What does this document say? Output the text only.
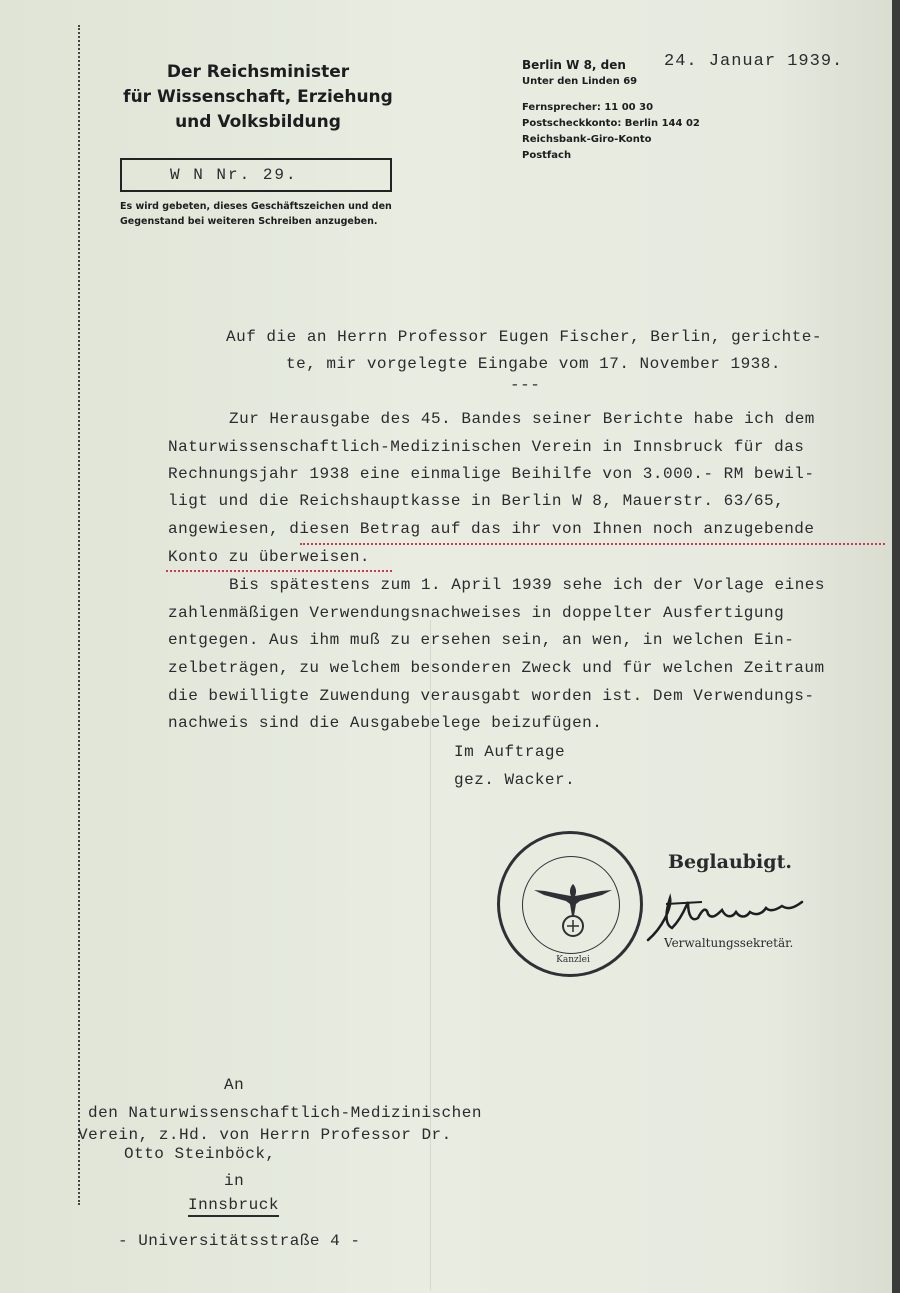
Der Reichsminister
für Wissenschaft, Erziehung
und Volksbildung
W N Nr. 29.
Es wird gebeten, dieses Geschäftszeichen und den
Gegenstand bei weiteren Schreiben anzugeben.
Berlin W 8, den
Unter den Linden 69
Fernsprecher: 11 00 30
Postscheckkonto: Berlin 144 02
Reichsbank-Giro-Konto
Postfach
24. Januar 1939.
Auf die an Herrn Professor Eugen Fischer, Berlin, gerichte-
te, mir vorgelegte Eingabe vom 17. November 1938.
---
Zur Herausgabe des 45. Bandes seiner Berichte habe ich dem
Naturwissenschaftlich-Medizinischen Verein in Innsbruck für das
Rechnungsjahr 1938 eine einmalige Beihilfe von 3.000.- RM bewil-
ligt und die Reichshauptkasse in Berlin W 8, Mauerstr. 63/65,
angewiesen, diesen Betrag auf das ihr von Ihnen noch anzugebende
Konto zu überweisen.
Bis spätestens zum 1. April 1939 sehe ich der Vorlage eines
zahlenmäßigen Verwendungsnachweises in doppelter Ausfertigung
entgegen. Aus ihm muß zu ersehen sein, an wen, in welchen Ein-
zelbeträgen, zu welchem besonderen Zweck und für welchen Zeitraum
die bewilligte Zuwendung verausgabt worden ist. Dem Verwendungs-
nachweis sind die Ausgabebelege beizufügen.
Im Auftrage
gez. Wacker.
Kanzlei
Beglaubigt.
Verwaltungssekretär.
An
den Naturwissenschaftlich-Medizinischen
Verein, z.Hd. von Herrn Professor Dr.
Otto Steinböck,
in
Innsbruck
- Universitätsstraße 4 -
